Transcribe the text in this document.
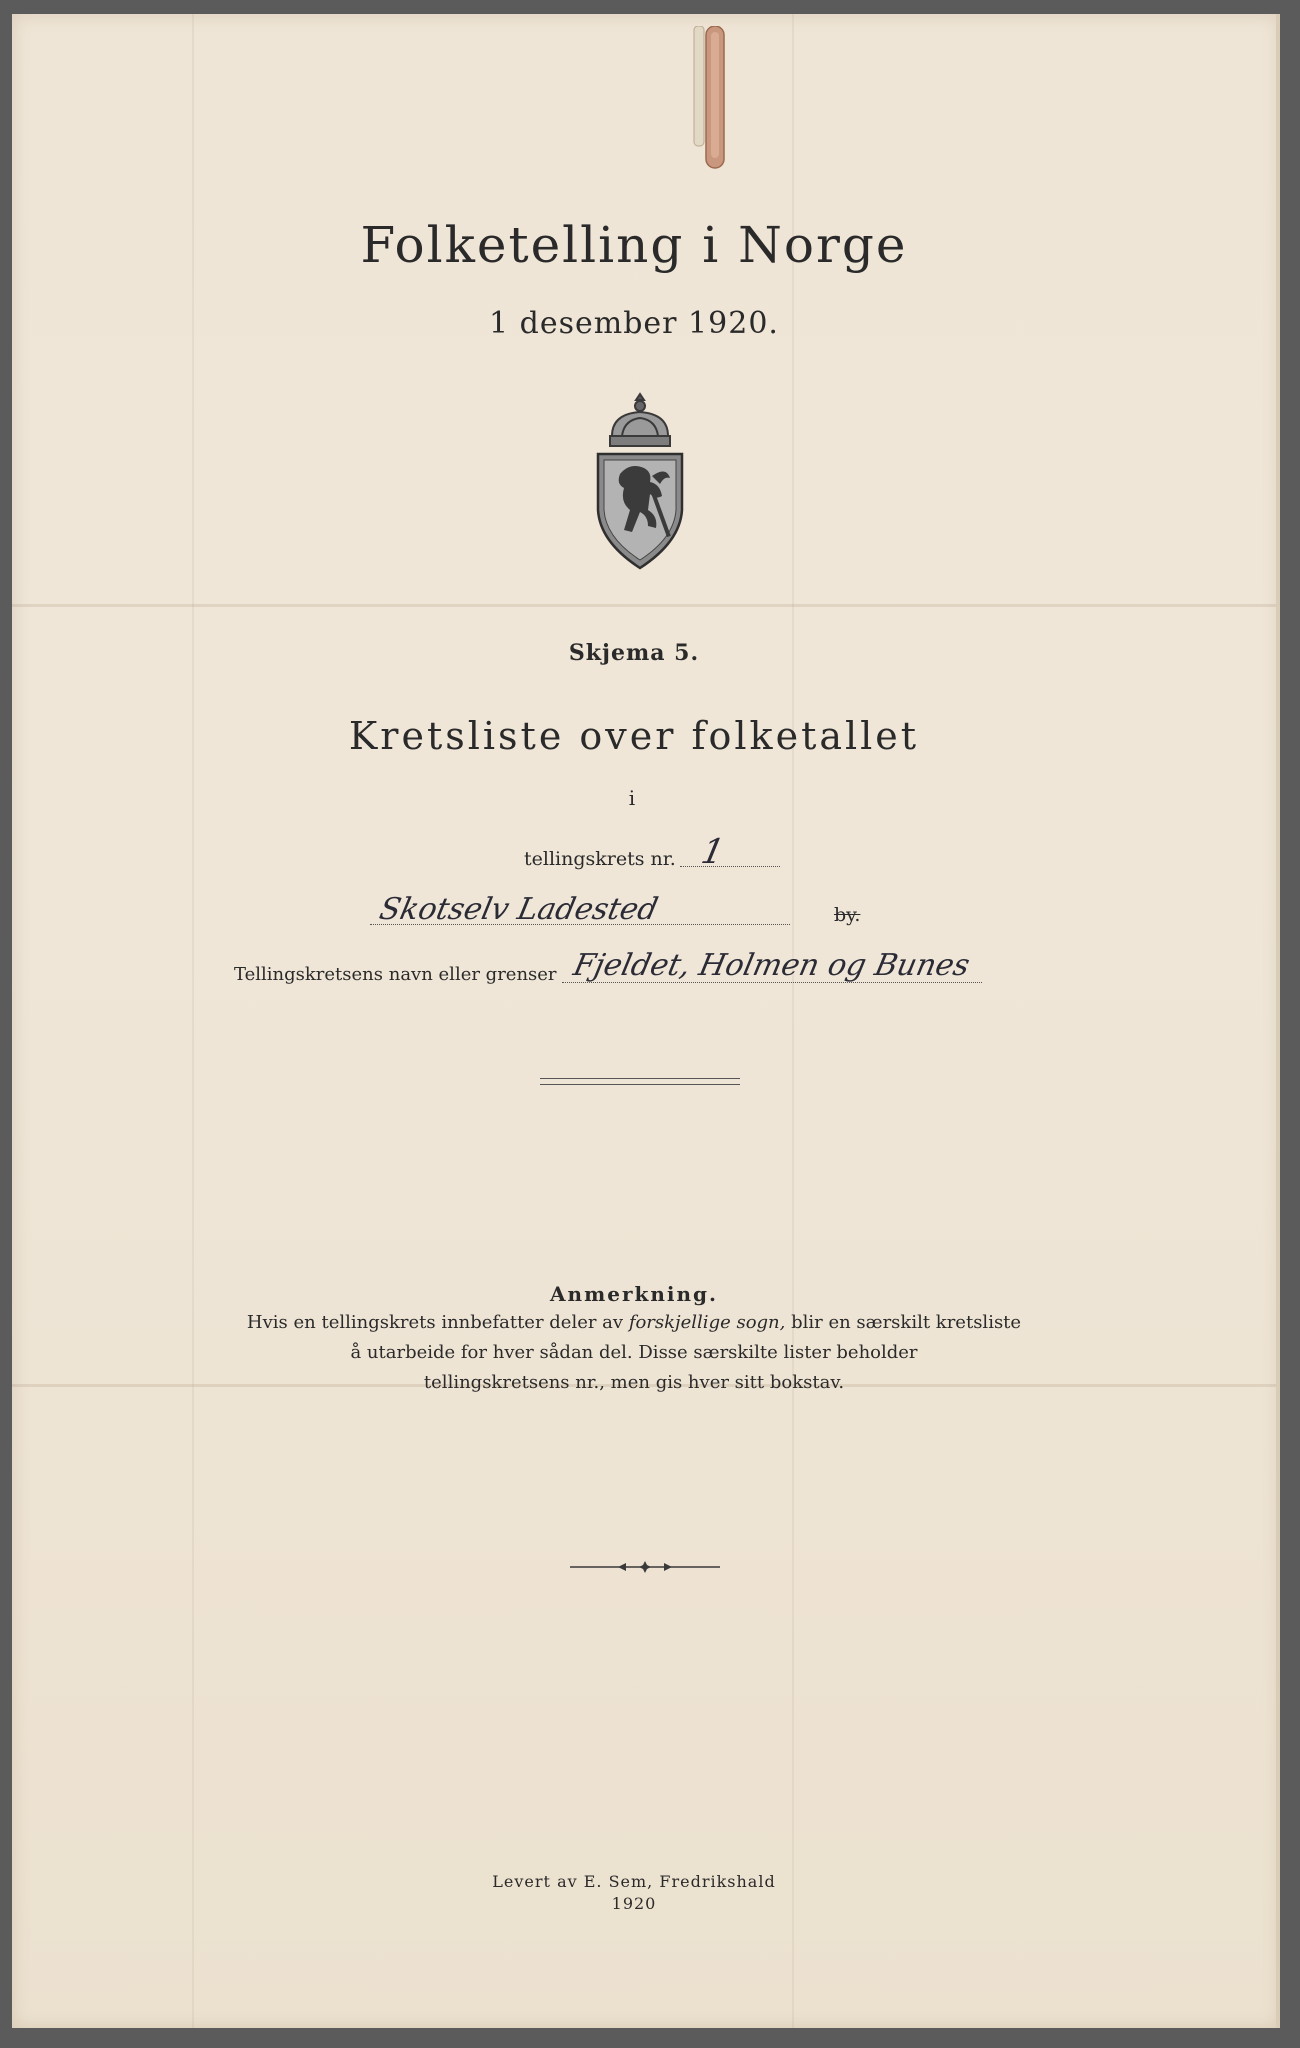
Folketelling i Norge
1 desember 1920.
Skjema 5.
Kretsliste over folketallet
i
tellingskrets nr. 1
Skotselv Ladested	by.
Tellingskretsens navn eller grenser Fjeldet, Holmen og Bunes
Anmerkning.
Hvis en tellingskrets innbefatter deler av forskjellige sogn, blir en særskilt kretsliste
å utarbeide for hver sådan del. Disse særskilte lister beholder
tellingskretsens nr., men gis hver sitt bokstav.
Levert av E. Sem, Fredrikshald
1920
